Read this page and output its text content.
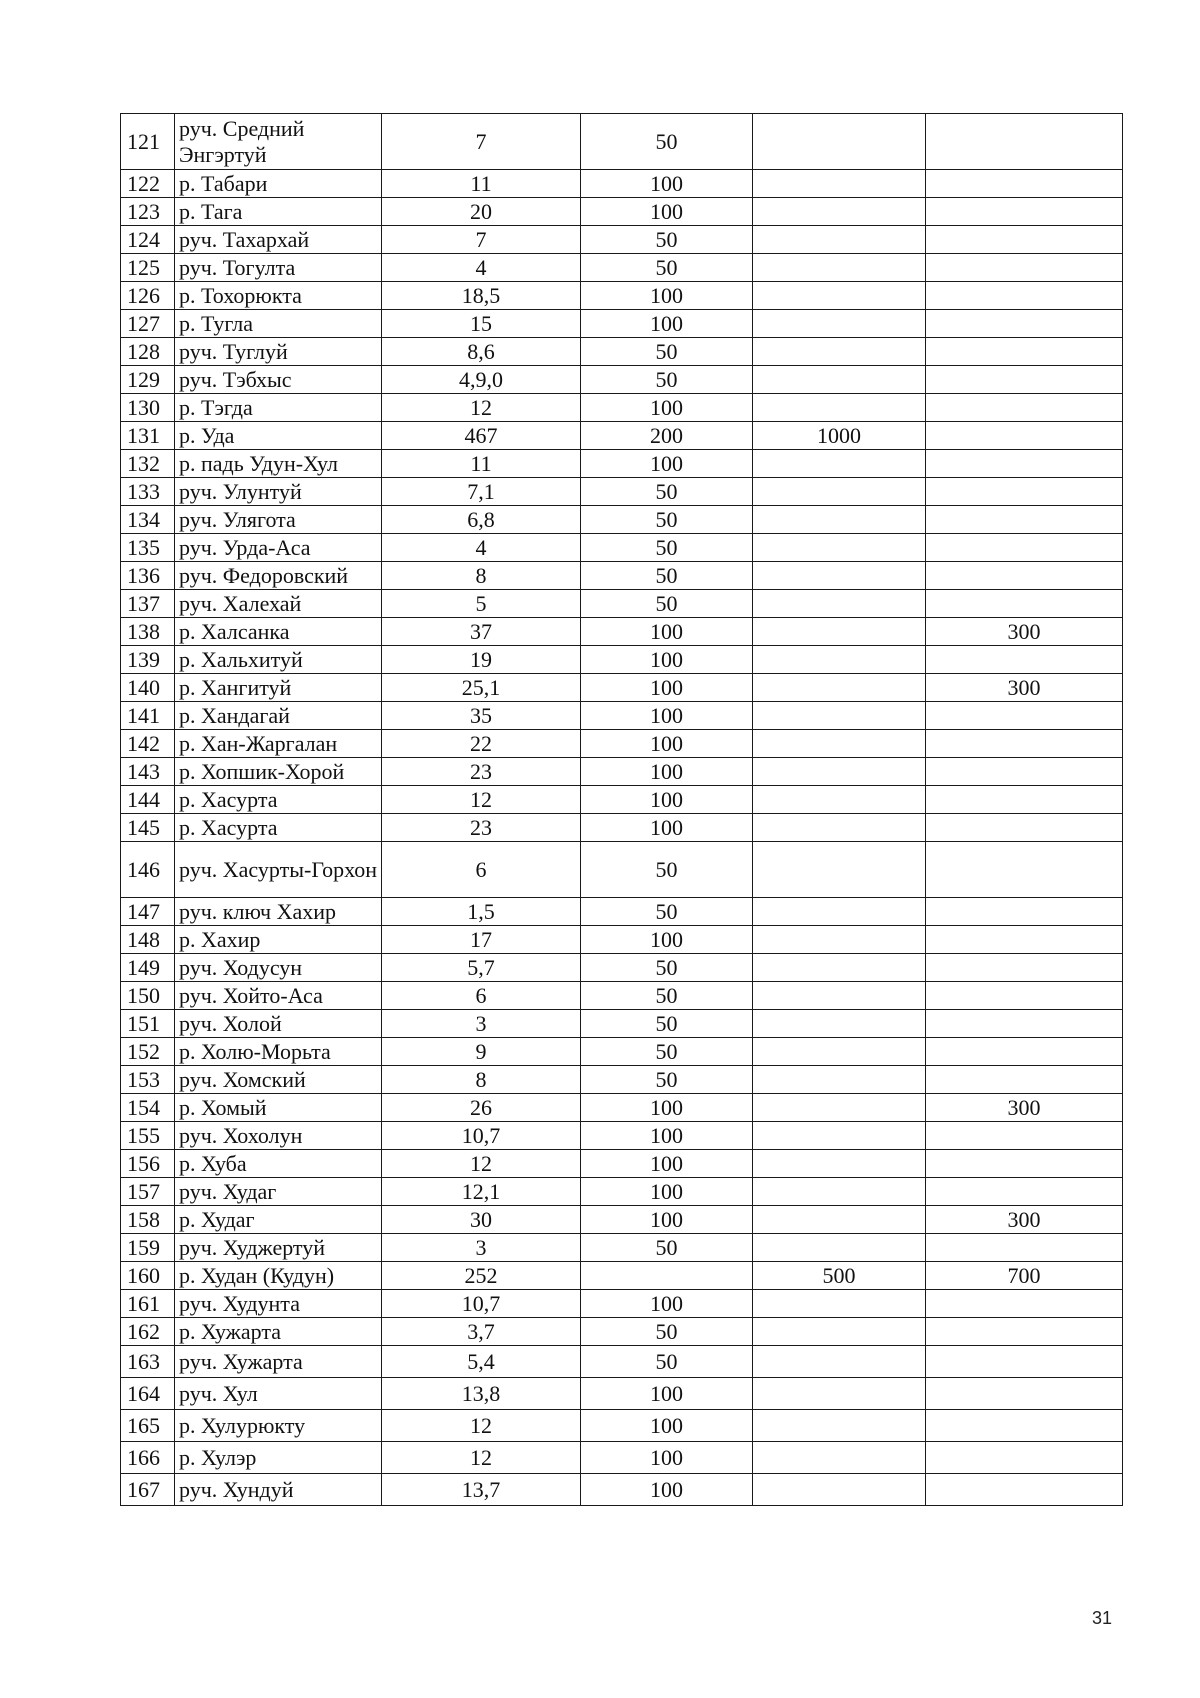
121	руч. Средний Энгэртуй	7	50		
122	р. Табари	11	100		
123	р. Тага	20	100		
124	руч. Тахархай	7	50		
125	руч. Тогулта	4	50		
126	р. Тохорюкта	18,5	100		
127	р. Тугла	15	100		
128	руч. Туглуй	8,6	50		
129	руч. Тэбхыс	4,9,0	50		
130	р. Тэгда	12	100		
131	р. Уда	467	200	1000	
132	р. падь Удун-Хул	11	100		
133	руч. Улунтуй	7,1	50		
134	руч. Улягота	6,8	50		
135	руч. Урда-Аса	4	50		
136	руч. Федоровский	8	50		
137	руч. Халехай	5	50		
138	р. Халсанка	37	100		300
139	р. Хальхитуй	19	100		
140	р. Хангитуй	25,1	100		300
141	р. Хандагай	35	100		
142	р. Хан-Жаргалан	22	100		
143	р. Хопшик-Хорой	23	100		
144	р. Хасурта	12	100		
145	р. Хасурта	23	100		
146	руч. Хасурты-Горхон	6	50		
147	руч. ключ Хахир	1,5	50		
148	р. Хахир	17	100		
149	руч. Ходусун	5,7	50		
150	руч. Хойто-Аса	6	50		
151	руч. Холой	3	50		
152	р. Холю-Морьта	9	50		
153	руч. Хомский	8	50		
154	р. Хомый	26	100		300
155	руч. Хохолун	10,7	100		
156	р. Хуба	12	100		
157	руч. Худаг	12,1	100		
158	р. Худаг	30	100		300
159	руч. Худжертуй	3	50		
160	р. Худан (Кудун)	252		500	700
161	руч. Худунта	10,7	100		
162	р. Хужарта	3,7	50		
163	руч. Хужарта	5,4	50		
164	руч. Хул	13,8	100		
165	р. Хулурюкту	12	100		
166	р. Хулэр	12	100		
167	руч. Хундуй	13,7	100		
31
